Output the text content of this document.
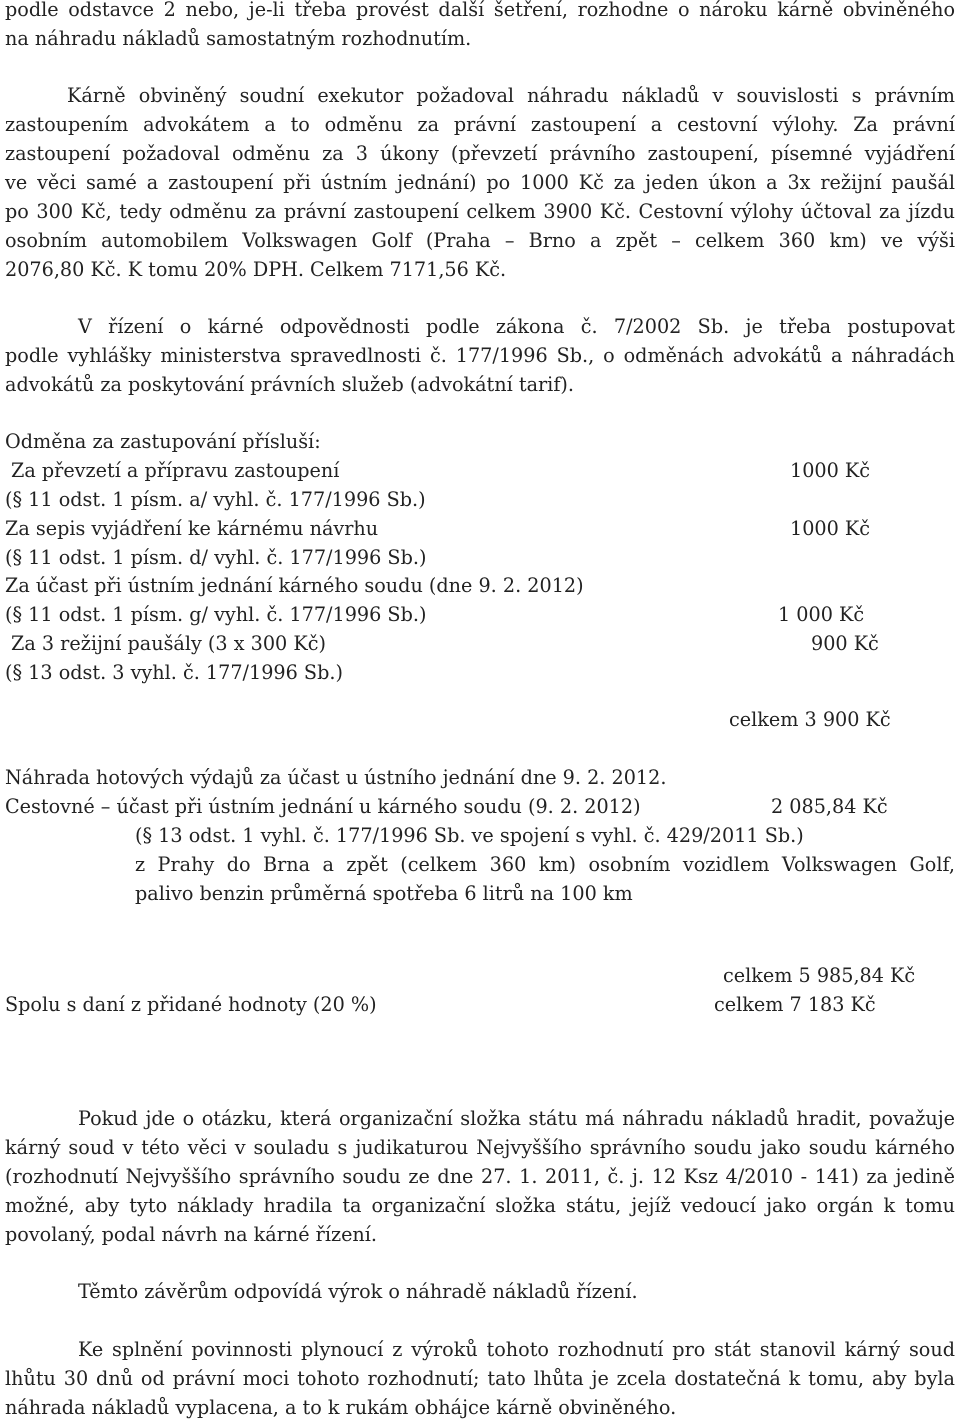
podle odstavce 2 nebo, je-li třeba provést další šetření, rozhodne o nároku kárně obviněného
na náhradu nákladů samostatným rozhodnutím.
Kárně obviněný soudní exekutor požadoval náhradu nákladů v souvislosti s právním
zastoupením advokátem a to odměnu za právní zastoupení a cestovní výlohy. Za právní
zastoupení požadoval odměnu za 3 úkony (převzetí právního zastoupení, písemné vyjádření
ve věci samé a zastoupení při ústním jednání) po 1000 Kč za jeden úkon a 3x režijní paušál
po 300 Kč, tedy odměnu za právní zastoupení celkem 3900 Kč. Cestovní výlohy účtoval za jízdu
osobním automobilem Volkswagen Golf (Praha – Brno a zpět – celkem 360 km) ve výši
2076,80 Kč. K tomu 20% DPH. Celkem 7171,56 Kč.
V řízení o kárné odpovědnosti podle zákona č. 7/2002 Sb. je třeba postupovat
podle vyhlášky ministerstva spravedlnosti č. 177/1996 Sb., o odměnách advokátů a náhradách
advokátů za poskytování právních služeb (advokátní tarif).
Odměna za zastupování přísluší:
Za převzetí a přípravu zastoupení	1000 Kč
(§ 11 odst. 1 písm. a/ vyhl. č. 177/1996 Sb.)
Za sepis vyjádření ke kárnému návrhu	1000 Kč
(§ 11 odst. 1 písm. d/ vyhl. č. 177/1996 Sb.)
Za účast při ústním jednání kárného soudu (dne 9. 2. 2012)
(§ 11 odst. 1 písm. g/ vyhl. č. 177/1996 Sb.)	1 000 Kč
Za 3 režijní paušály (3 x 300 Kč)	900 Kč
(§ 13 odst. 3 vyhl. č. 177/1996 Sb.)
celkem 3 900 Kč
Náhrada hotových výdajů za účast u ústního jednání dne 9. 2. 2012.
Cestovné – účast při ústním jednání u kárného soudu (9. 2. 2012)	2 085,84 Kč
(§ 13 odst. 1 vyhl. č. 177/1996 Sb. ve spojení s vyhl. č. 429/2011 Sb.)
z Prahy do Brna a zpět (celkem 360 km) osobním vozidlem Volkswagen Golf,
palivo benzin průměrná spotřeba 6 litrů na 100 km
celkem 5 985,84 Kč
Spolu s daní z přidané hodnoty (20 %)	celkem 7 183 Kč
Pokud jde o otázku, která organizační složka státu má náhradu nákladů hradit, považuje
kárný soud v této věci v souladu s judikaturou Nejvyššího správního soudu jako soudu kárného
(rozhodnutí Nejvyššího správního soudu ze dne 27. 1. 2011, č. j. 12 Ksz 4/2010 - 141) za jedině
možné, aby tyto náklady hradila ta organizační složka státu, jejíž vedoucí jako orgán k tomu
povolaný, podal návrh na kárné řízení.
Těmto závěrům odpovídá výrok o náhradě nákladů řízení.
Ke splnění povinnosti plynoucí z výroků tohoto rozhodnutí pro stát stanovil kárný soud
lhůtu 30 dnů od právní moci tohoto rozhodnutí; tato lhůta je zcela dostatečná k tomu, aby byla
náhrada nákladů vyplacena, a to k rukám obhájce kárně obviněného.
